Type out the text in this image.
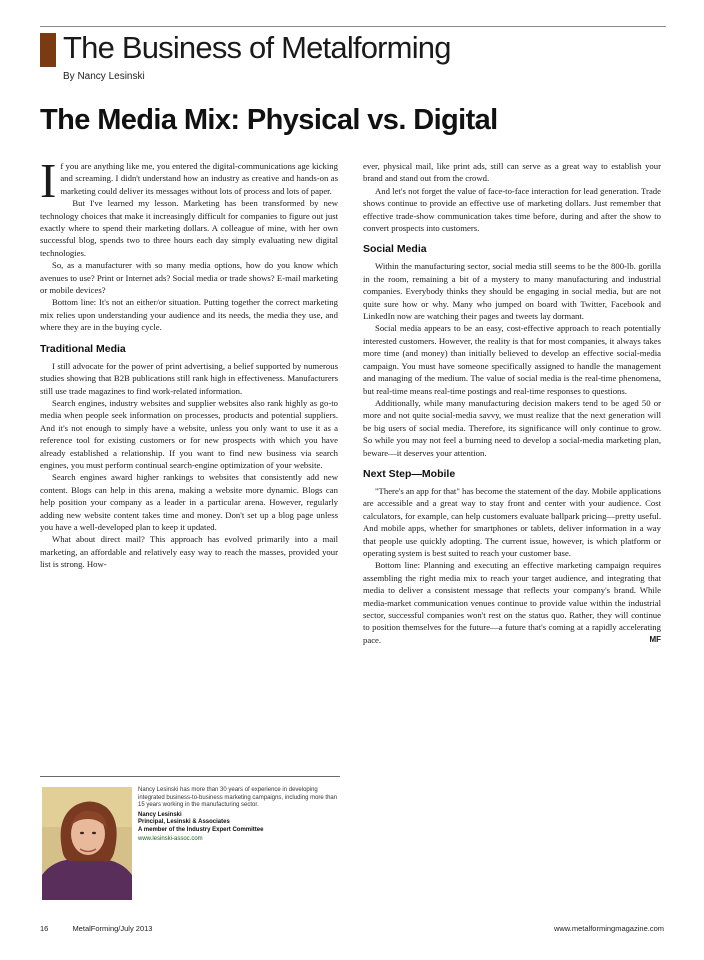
The Business of Metalforming
By Nancy Lesinski
The Media Mix: Physical vs. Digital

If you are anything like me, you entered the digital-communications age kicking and screaming. I didn't understand how an industry as creative and hands-on as marketing could deliver its messages without lots of process and lots of paper.

But I've learned my lesson. Marketing has been transformed by new technology choices that make it increasingly difficult for companies to figure out just exactly where to spend their marketing dollars. A colleague of mine, with her own successful blog, spends two to three hours each day simply evaluating new digital technologies.

So, as a manufacturer with so many media options, how do you know which avenues to use? Print or Internet ads? Social media or trade shows? E-mail marketing or mobile devices?

Bottom line: It's not an either/or situation. Putting together the correct marketing mix relies upon understanding your audience and its needs, the media they use, and where they are in the buying cycle.

Traditional Media

I still advocate for the power of print advertising, a belief supported by numerous studies showing that B2B publications still rank high in effectiveness. Manufacturers still use trade magazines to find work-related information.

Search engines, industry websites and supplier websites also rank highly as go-to media when people seek information on processes, products and potential suppliers. And it's not enough to simply have a website, unless you only want to use it as a reference tool for existing customers or for new prospects with which you have already established a relationship. If you want to find new business via search engines, you must perform continual search-engine optimization of your website.

Search engines award higher rankings to websites that consistently add new content. Blogs can help in this arena, making a website more dynamic. Blogs can help position your company as a leader in a particular arena. However, regularly adding new website content takes time and money. Don't set up a blog page unless you have a well-developed plan to keep it updated.

What about direct mail? This approach has evolved primarily into a mail marketing, an affordable and relatively easy way to reach the masses, provided your list is strong. How-

ever, physical mail, like print ads, still can serve as a great way to establish your brand and stand out from the crowd.

And let's not forget the value of face-to-face interaction for lead generation. Trade shows continue to provide an effective use of marketing dollars. Just remember that effective trade-show communication takes time before, during and after the show to convert prospects into customers.

Social Media

Within the manufacturing sector, social media still seems to be the 800-lb. gorilla in the room, remaining a bit of a mystery to many manufacturing and industrial companies. Everybody thinks they should be engaging in social media, but are not quite sure how or why. Many who jumped on board with Twitter, Facebook and LinkedIn now are watching their pages and tweets lay dormant.

Social media appears to be an easy, cost-effective approach to reach potentially interested customers. However, the reality is that for most companies, it always takes more time (and money) than initially believed to develop an effective social-media campaign. You must have someone specifically assigned to handle the management and managing of the medium. The value of social media is the real-time phenomena, but real-time means real-time postings and real-time responses to questions.

Additionally, while many manufacturing decision makers tend to be aged 50 or more and not quite social-media savvy, we must realize that the next generation will be big users of social media. Therefore, its significance will only continue to grow. So while you may not feel a burning need to develop a social-media marketing plan, beware—it deserves your attention.

Next Step—Mobile

"There's an app for that" has become the statement of the day. Mobile applications are accessible and a great way to stay front and center with your audience. Cost calculators, for example, can help customers evaluate ballpark pricing—pretty useful. And mobile apps, whether for smartphones or tablets, deliver information in a way that people use quickly adopting. The current issue, however, is which platform or operating system is best suited to reach your customer base.

Bottom line: Planning and executing an effective marketing campaign requires assembling the right media mix to reach your target audience, and integrating that media to deliver a consistent message that reflects your company's brand. While media-market communication venues continue to provide value within the industrial sector, successful companies won't rest on the status quo. Rather, they will continue to position themselves for the future—a future that's coming at a rapidly accelerating pace.	MF

Nancy Lesinski has more than 30 years of experience in developing integrated business-to-business marketing campaigns, including more than 15 years working in the manufacturing sector.
Nancy Lesinski
Principal, Lesinski & Associates
A member of the Industry Expert Committee
www.lesinski-assoc.com
16	MetalForming/July 2013	www.metalformingmagazine.com
